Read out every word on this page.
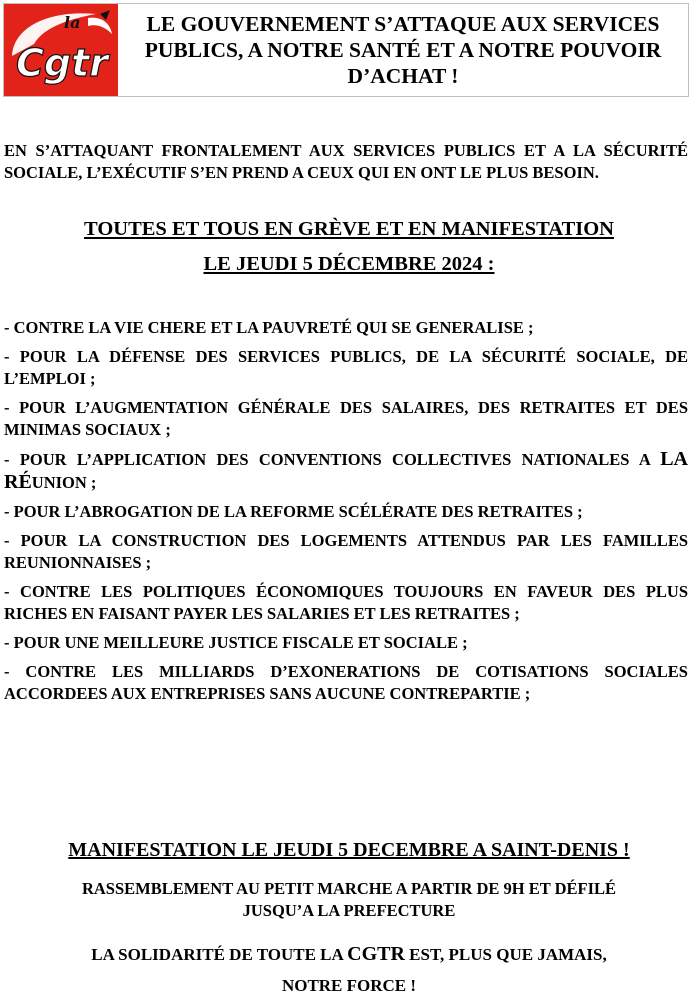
la
Cgtr
LE GOUVERNEMENT S’ATTAQUE AUX SERVICES PUBLICS, A NOTRE SANTÉ ET A NOTRE POUVOIR D’ACHAT !
EN S’ATTAQUANT FRONTALEMENT AUX SERVICES PUBLICS ET A LA SÉCURITÉ SOCIALE, L’EXÉCUTIF S’EN PREND A CEUX QUI EN ONT LE PLUS BESOIN.
TOUTES ET TOUS EN GRÈVE ET EN MANIFESTATION
LE JEUDI 5 DÉCEMBRE 2024 :
- CONTRE LA VIE CHERE ET LA PAUVRETÉ QUI SE GENERALISE ;
- POUR LA DÉFENSE DES SERVICES PUBLICS, DE LA SÉCURITÉ SOCIALE, DE L’EMPLOI ;
- POUR L’AUGMENTATION GÉNÉRALE DES SALAIRES, DES RETRAITES ET DES MINIMAS SOCIAUX ;
- POUR L’APPLICATION DES CONVENTIONS COLLECTIVES NATIONALES A LA RÉUNION ;
- POUR L’ABROGATION DE LA REFORME SCÉLÉRATE DES RETRAITES ;
- POUR LA CONSTRUCTION DES LOGEMENTS ATTENDUS PAR LES FAMILLES REUNIONNAISES ;
- CONTRE LES POLITIQUES ÉCONOMIQUES TOUJOURS EN FAVEUR DES PLUS RICHES EN FAISANT PAYER LES SALARIES ET LES RETRAITES ;
- POUR UNE MEILLEURE JUSTICE FISCALE ET SOCIALE ;
- CONTRE LES MILLIARDS D’EXONERATIONS DE COTISATIONS SOCIALES ACCORDEES AUX ENTREPRISES SANS AUCUNE CONTREPARTIE ;
MANIFESTATION LE JEUDI 5 DECEMBRE A SAINT-DENIS !
RASSEMBLEMENT AU PETIT MARCHE A PARTIR DE 9H ET DÉFILÉ
JUSQU’A LA PREFECTURE
LA SOLIDARITÉ DE TOUTE LA CGTR EST, PLUS QUE JAMAIS,
NOTRE FORCE !
